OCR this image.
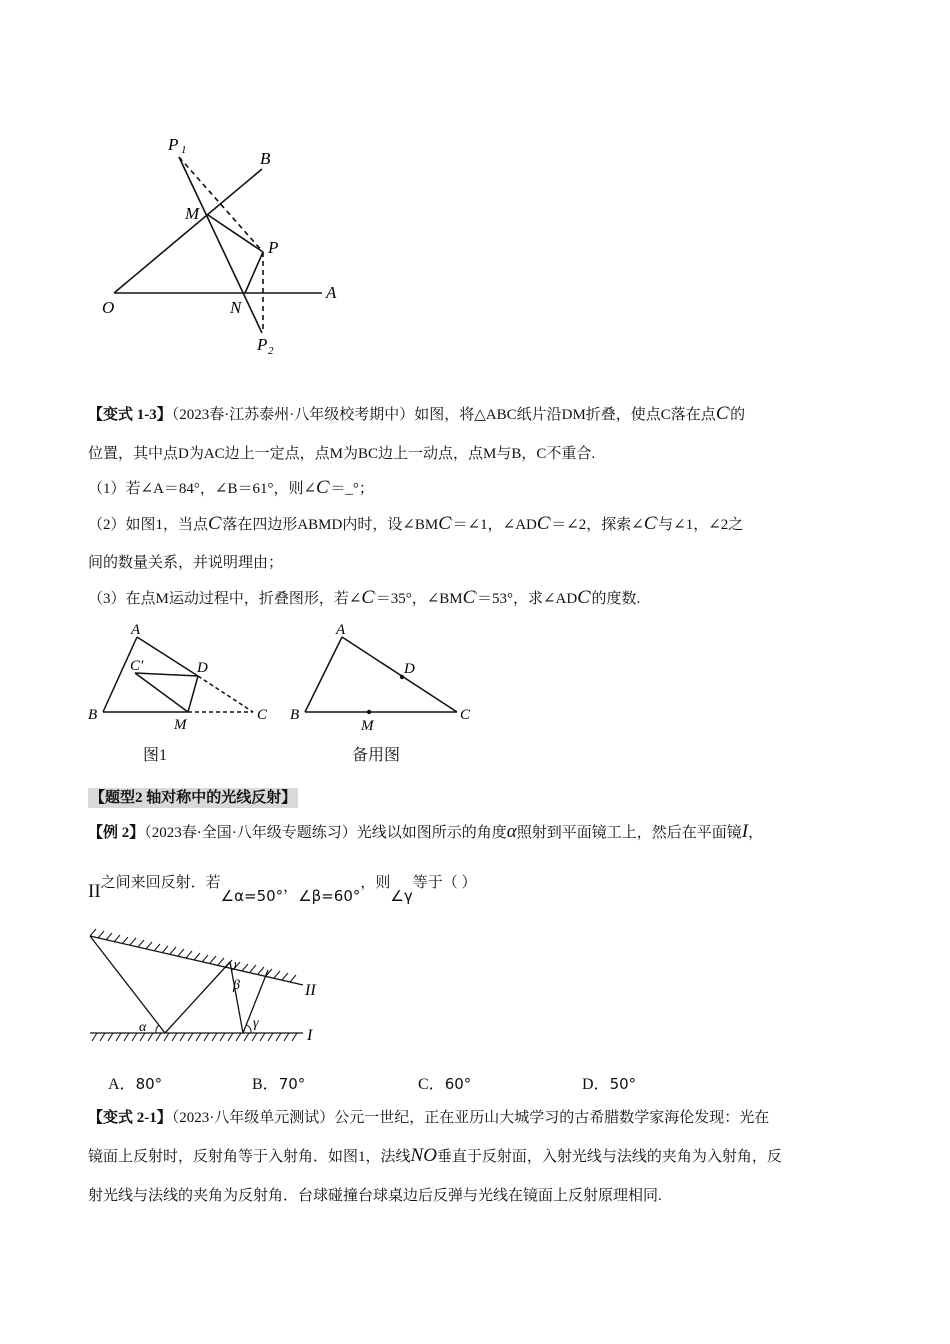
P 1	B
M
P
O	N
A
P 2
【变式 1-3】（2023春·江苏泰州·八年级校考期中）如图，将△ABC纸片沿DM折叠，使点C落在点C'的
位置，其中点D为AC边上一定点，点M为BC边上一动点，点M与B，C不重合.
（1）若∠A＝84°，∠B＝61°，则∠C'＝_°；
（2）如图1，当点C'落在四边形ABMD内时，设∠BMC'＝∠1，∠ADC'＝∠2，探索∠C'与∠1，∠2之
间的数量关系，并说明理由；
（3）在点M运动过程中，折叠图形，若∠C'＝35°，∠BMC'＝53°，求∠ADC'的度数.
A
C′	D
B
M
C
图1
A
D
B
M
C
备用图
【题型2 轴对称中的光线反射】
【例 2】（2023春·全国·八年级专题练习）光线以如图所示的角度α照射到平面镜工上，然后在平面镜I，
II之间来回反射．若∠α=50°，∠β=60°，则∠γ等于（ ）
α
β
γ
II
I
A．80°	B．70°	C．60°	D．50°
【变式 2-1】（2023·八年级单元测试）公元一世纪，正在亚历山大城学习的古希腊数学家海伦发现：光在
镜面上反射时，反射角等于入射角．如图1，法线NO垂直于反射面，入射光线与法线的夹角为入射角，反
射光线与法线的夹角为反射角．台球碰撞台球桌边后反弹与光线在镜面上反射原理相同.
